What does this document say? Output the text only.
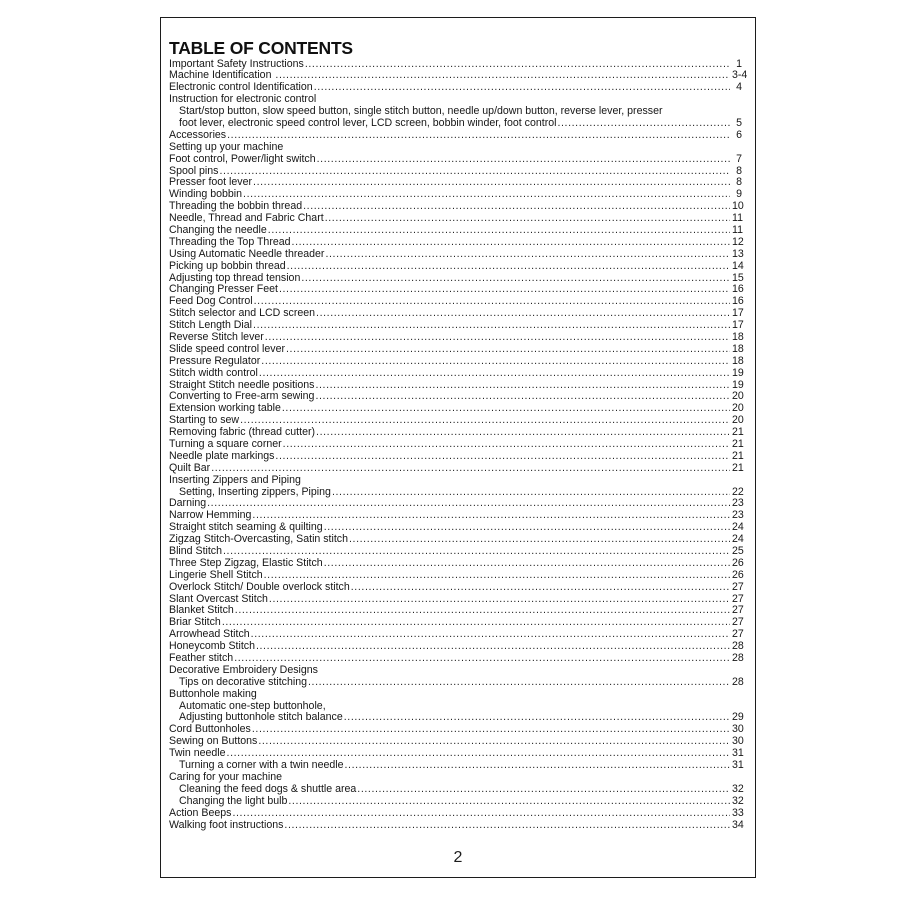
TABLE OF CONTENTS
Important Safety Instructions .....	1
Machine Identification .....	3-4
Electronic control Identification .....	4
Instruction for electronic control
Start/stop button, slow speed button, single stitch button, needle up/down button, reverse lever, presser
foot lever, electronic speed control lever, LCD screen, bobbin winder, foot control .....	5
Accessories .....	6
Setting up your machine
Foot control, Power/light switch .....	7
Spool pins .....	8
Presser foot lever .....	8
Winding bobbin .....	9
Threading the bobbin thread .....	10
Needle, Thread and Fabric Chart .....	11
Changing the needle .....	11
Threading the Top Thread .....	12
Using Automatic Needle threader .....	13
Picking up bobbin thread .....	14
Adjusting top thread tension .....	15
Changing Presser Feet .....	16
Feed Dog Control .....	16
Stitch selector and LCD screen .....	17
Stitch Length Dial .....	17
Reverse Stitch lever .....	18
Slide speed control lever .....	18
Pressure Regulator .....	18
Stitch width control .....	19
Straight Stitch needle positions .....	19
Converting to Free-arm sewing .....	20
Extension working table .....	20
Starting to sew .....	20
Removing fabric (thread cutter) .....	21
Turning a square corner .....	21
Needle plate markings .....	21
Quilt Bar .....	21
Inserting Zippers and Piping
Setting, Inserting zippers, Piping .....	22
Darning .....	23
Narrow Hemming .....	23
Straight stitch seaming & quilting .....	24
Zigzag Stitch-Overcasting, Satin stitch .....	24
Blind Stitch .....	25
Three Step Zigzag, Elastic Stitch .....	26
Lingerie Shell Stitch .....	26
Overlock Stitch/ Double overlock stitch .....	27
Slant Overcast Stitch .....	27
Blanket Stitch .....	27
Briar Stitch .....	27
Arrowhead Stitch .....	27
Honeycomb Stitch .....	28
Feather stitch .....	28
Decorative Embroidery Designs
Tips on decorative stitching .....	28
Buttonhole making
Automatic one-step buttonhole,
Adjusting buttonhole stitch balance .....	29
Cord Buttonholes .....	30
Sewing on Buttons .....	30
Twin needle .....	31
Turning a corner with a twin needle .....	31
Caring for your machine
Cleaning the feed dogs & shuttle area .....	32
Changing the light bulb .....	32
Action Beeps .....	33
Walking foot instructions .....	34
2
